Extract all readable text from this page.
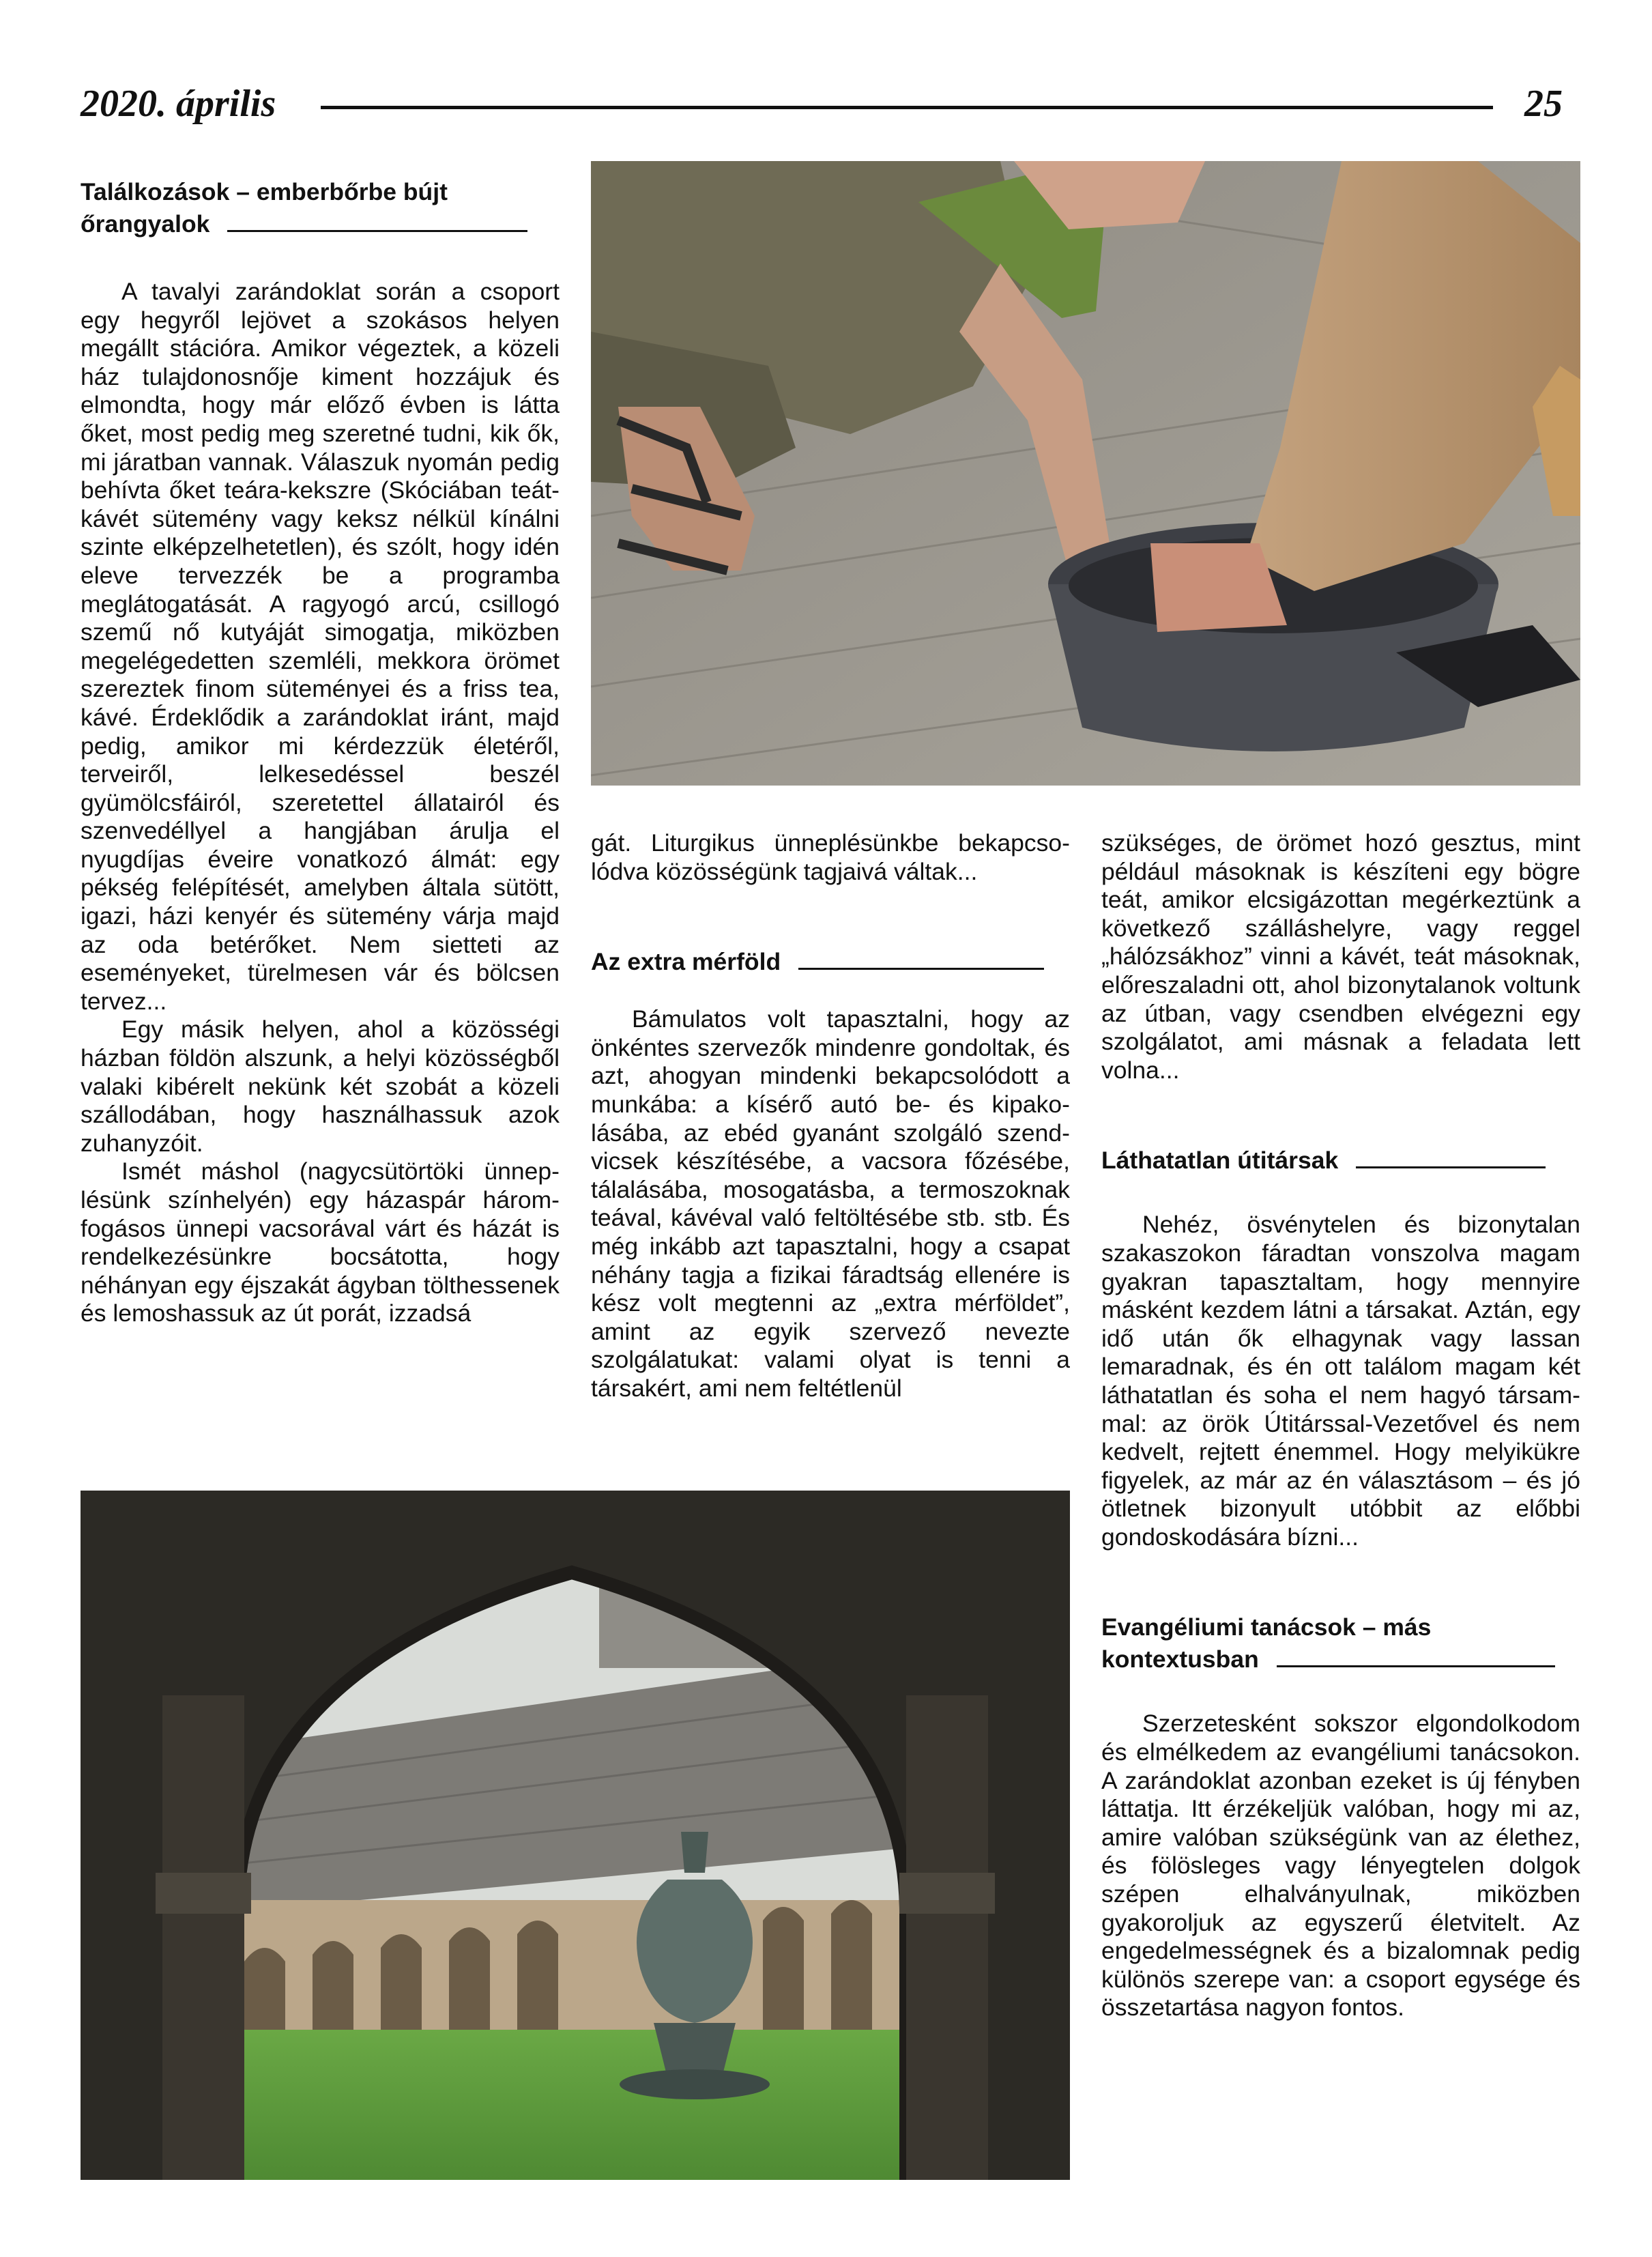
2020. április	25
Találkozások – emberbőrbe bújt
őrangyalok

A tavalyi zarándoklat során a csoport egy hegyről lejövet a szokásos helyen megállt stációra. Amikor végeztek, a közeli ház tulajdonosnője kiment hozzájuk és elmondta, hogy már előző évben is látta őket, most pedig meg szeretné tudni, kik ők, mi járatban vannak. Válaszuk nyomán pedig behívta őket teára-kekszre (Skóciában teát-kávét sütemény vagy keksz nélkül kínálni szinte elképzelhetetlen), és szólt, hogy idén eleve tervezzék be a programba meglátogatását. A ragyogó arcú, csillogó szemű nő kutyáját simogatja, miközben megelégedetten szemléli, mekkora örömet szereztek finom süteményei és a friss tea, kávé. Érdeklődik a zarándoklat iránt, majd pedig, amikor mi kérdezzük életéről, terveiről, lelkesedéssel beszél gyümölcsfáiról, szeretettel állatairól és szenvedéllyel a hangjában árulja el nyugdíjas éveire vonatkozó álmát: egy pékség felépítését, amelyben általa sütött, igazi, házi kenyér és sütemény várja majd az oda betérőket. Nem sietteti az eseményeket, türelmesen vár és bölcsen tervez...

Egy másik helyen, ahol a közösségi házban földön alszunk, a helyi közösségből valaki kibérelt nekünk két szobát a közeli szállodában, hogy használhassuk azok zuhanyzóit.

Ismét máshol (nagycsütörtöki ünneplésünk színhelyén) egy házaspár háromfogásos ünnepi vacsorával várt és házát is rendelkezésünkre bocsátotta, hogy néhányan egy éjszakát ágyban tölthessenek és lemoshassuk az út porát, izzadsá

gát. Liturgikus ünneplésünkbe bekapcsolódva közösségünk tagjaivá váltak...

Az extra mérföld

Bámulatos volt tapasztalni, hogy az önkéntes szervezők mindenre gondoltak, és azt, ahogyan mindenki bekapcsolódott a munkába: a kísérő autó be- és kipakolásába, az ebéd gyanánt szolgáló szendvicsek készítésébe, a vacsora főzésébe, tálalásába, mosogatásba, a termoszoknak teával, kávéval való feltöltésébe stb. stb. És még inkább azt tapasztalni, hogy a csapat néhány tagja a fizikai fáradtság ellenére is kész volt megtenni az „extra mérföldet”, amint az egyik szervező nevezte szolgálatukat: valami olyat is tenni a társakért, ami nem feltétlenül

szükséges, de örömet hozó gesztus, mint például másoknak is készíteni egy bögre teát, amikor elcsigázottan megérkeztünk a következő szálláshelyre, vagy reggel „hálózsákhoz” vinni a kávét, teát másoknak, előreszaladni ott, ahol bizonytalanok voltunk az útban, vagy csendben elvégezni egy szolgálatot, ami másnak a feladata lett volna...

Láthatatlan útitársak

Nehéz, ösvénytelen és bizonytalan szakaszokon fáradtan vonszolva magam gyakran tapasztaltam, hogy mennyire másként kezdem látni a társakat. Aztán, egy idő után ők elhagynak vagy lassan lemaradnak, és én ott találom magam két láthatatlan és soha el nem hagyó társammal: az örök Útitárssal-Vezetővel és nem kedvelt, rejtett énemmel. Hogy melyikükre figyelek, az már az én választásom – és jó ötletnek bizonyult utóbbit az előbbi gondoskodására bízni...

Evangéliumi tanácsok – más
kontextusban

Szerzetesként sokszor elgondolkodom és elmélkedem az evangéliumi tanácsokon. A zarándoklat azonban ezeket is új fényben láttatja. Itt érzékeljük valóban, hogy mi az, amire valóban szükségünk van az élethez, és fölösleges vagy lényegtelen dolgok szépen elhalványulnak, miközben gyakoroljuk az egyszerű életvitelt. Az engedelmességnek és a bizalomnak pedig különös szerepe van: a csoport egysége és összetartása nagyon fontos.
